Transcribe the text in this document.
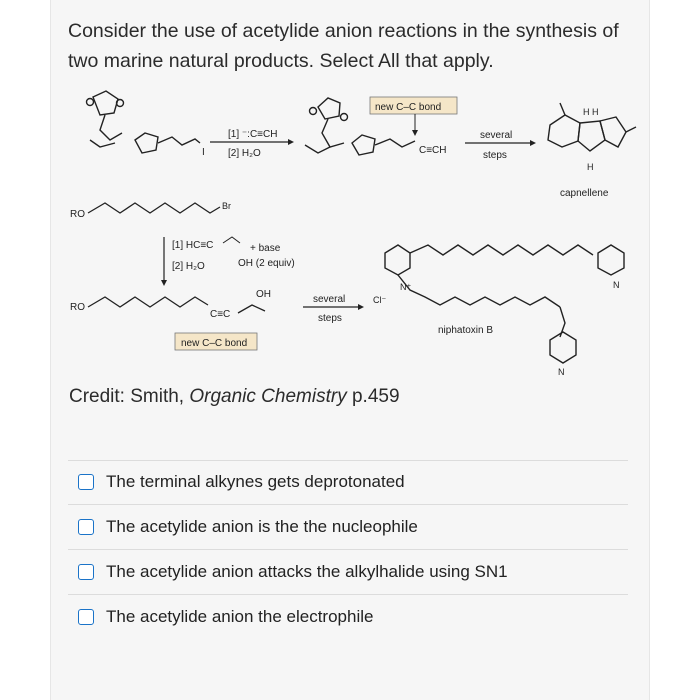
Consider the use of acetylide anion reactions in the synthesis of two marine natural products. Select All that apply.
I
[1] ⁻:C≡CH
[2] H₂O	C≡CH
new C–C bond
several
steps
H H
H
capnellene
RO
Br
[1] HC≡C	+ base
[2] H₂O	OH (2 equiv)
RO
C≡C
OH
new C–C bond
several
steps
N⁺
Cl⁻
N
N
niphatoxin B
Credit: Smith, Organic Chemistry p.459
The terminal alkynes gets deprotonated
The acetylide anion is the the nucleophile
The acetylide anion attacks the alkylhalide using SN1
The acetylide anion the electrophile
